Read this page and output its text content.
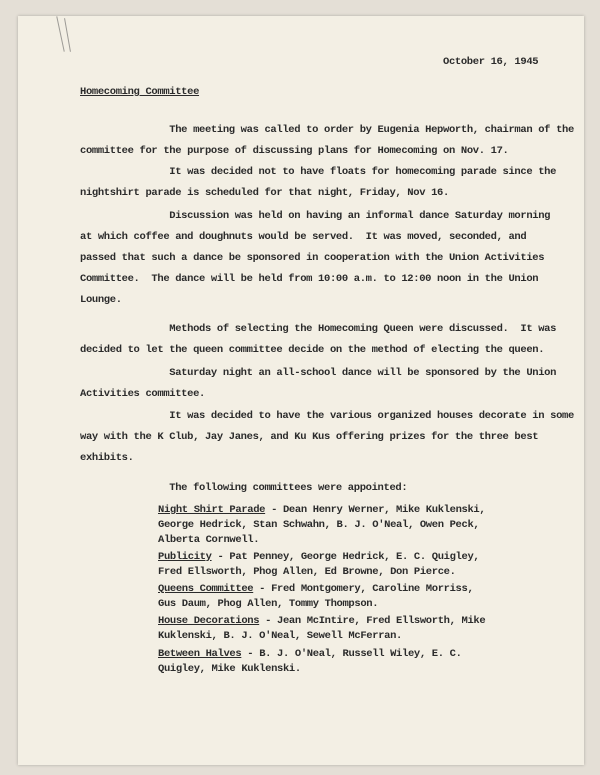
October 16, 1945
Homecoming Committee
The meeting was called to order by Eugenia Hepworth, chairman of the
committee for the purpose of discussing plans for Homecoming on Nov. 17.
It was decided not to have floats for homecoming parade since the
nightshirt parade is scheduled for that night, Friday, Nov 16.
Discussion was held on having an informal dance Saturday morning
at which coffee and doughnuts would be served.  It was moved, seconded, and
passed that such a dance be sponsored in cooperation with the Union Activities
Committee.  The dance will be held from 10:00 a.m. to 12:00 noon in the Union
Lounge.
Methods of selecting the Homecoming Queen were discussed.  It was
decided to let the queen committee decide on the method of electing the queen.
Saturday night an all-school dance will be sponsored by the Union
Activities committee.
It was decided to have the various organized houses decorate in some
way with the K Club, Jay Janes, and Ku Kus offering prizes for the three best
exhibits.
The following committees were appointed:
Night Shirt Parade - Dean Henry Werner, Mike Kuklenski,
George Hedrick, Stan Schwahn, B. J. O'Neal, Owen Peck,
Alberta Cornwell.
Publicity - Pat Penney, George Hedrick, E. C. Quigley,
Fred Ellsworth, Phog Allen, Ed Browne, Don Pierce.
Queens Committee - Fred Montgomery, Caroline Morriss,
Gus Daum, Phog Allen, Tommy Thompson.
House Decorations - Jean McIntire, Fred Ellsworth, Mike
Kuklenski, B. J. O'Neal, Sewell McFerran.
Between Halves - B. J. O'Neal, Russell Wiley, E. C.
Quigley, Mike Kuklenski.
